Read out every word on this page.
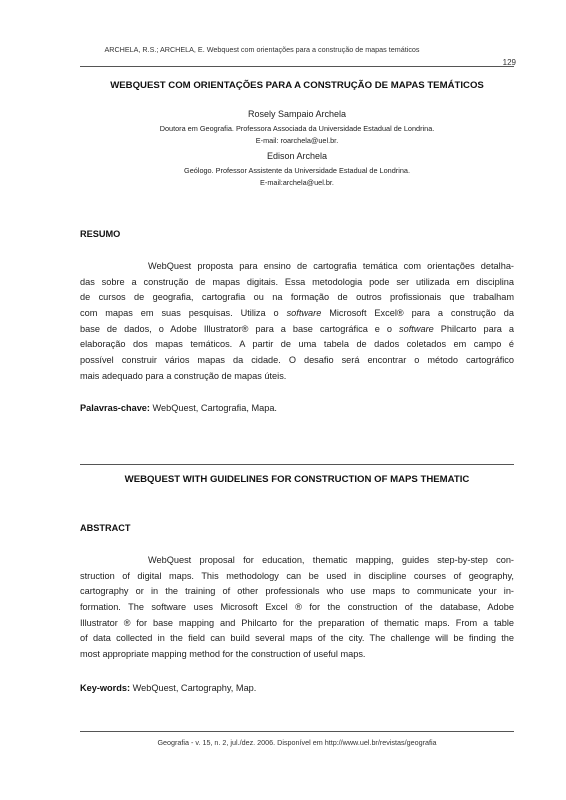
ARCHELA, R.S.; ARCHELA, E. Webquest com orientações para a construção de mapas temáticos
129
WEBQUEST COM ORIENTAÇÕES PARA A CONSTRUÇÃO DE MAPAS TEMÁTICOS
Rosely Sampaio Archela
Doutora em Geografia. Professora Associada da Universidade Estadual de Londrina.
E-mail: roarchela@uel.br.
Edison Archela
Geólogo. Professor Assistente da Universidade Estadual de Londrina.
E-mail:archela@uel.br.
RESUMO
WebQuest proposta para ensino de cartografia temática com orientações detalha-
das sobre a construção de mapas digitais. Essa metodologia pode ser utilizada em disciplina
de cursos de geografia, cartografia ou na formação de outros profissionais que trabalham
com mapas em suas pesquisas. Utiliza o software Microsoft Excel® para a construção da
base de dados, o Adobe Illustrator® para a base cartográfica e o software Philcarto para a
elaboração dos mapas temáticos. A partir de uma tabela de dados coletados em campo é
possível construir vários mapas da cidade. O desafio será encontrar o método cartográfico
mais adequado para a construção de mapas úteis.
Palavras-chave: WebQuest, Cartografia, Mapa.
WEBQUEST WITH GUIDELINES FOR CONSTRUCTION OF MAPS THEMATIC
ABSTRACT
WebQuest proposal for education, thematic mapping, guides step-by-step con-
struction of digital maps. This methodology can be used in discipline courses of geography,
cartography or in the training of other professionals who use maps to communicate your in-
formation. The software uses Microsoft Excel ® for the construction of the database, Adobe
Illustrator ® for base mapping and Philcarto for the preparation of thematic maps. From a table
of data collected in the field can build several maps of the city. The challenge will be finding the
most appropriate mapping method for the construction of useful maps.
Key-words: WebQuest, Cartography, Map.
Geografia - v. 15, n. 2, jul./dez. 2006. Disponível em http://www.uel.br/revistas/geografia
